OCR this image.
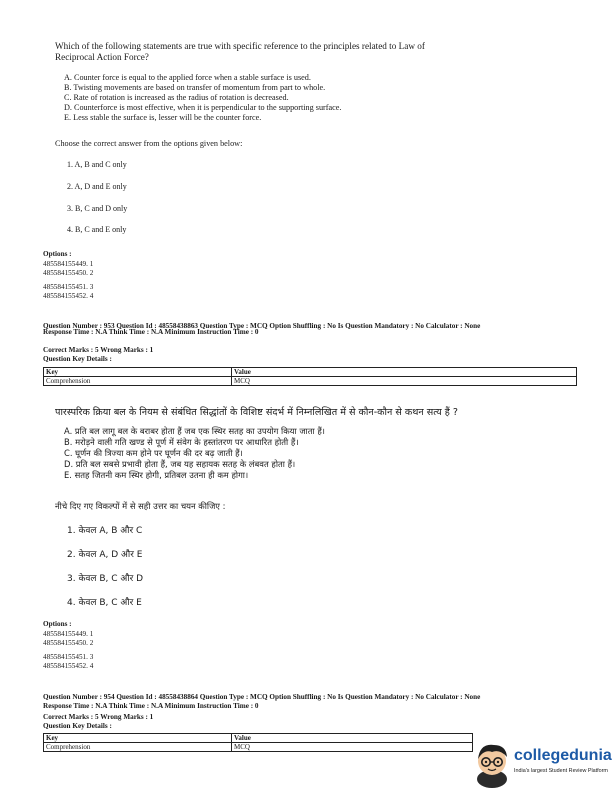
Which of the following statements are true with specific reference to the principles related to Law of
Reciprocal Action Force?
A. Counter force is equal to the applied force when a stable surface is used.
B. Twisting movements are based on transfer of momentum from part to whole.
C. Rate of rotation is increased as the radius of rotation is decreased.
D. Counterforce is most effective, when it is perpendicular to the supporting surface.
E. Less stable the surface is, lesser will be the counter force.
Choose the correct answer from the options given below:
1. A, B and C only
2. A, D and E only
3. B, C and D only
4. B, C and E only
Options :
485584155449. 1
485584155450. 2
485584155451. 3
485584155452. 4
Question Number : 953 Question Id : 48558438863 Question Type : MCQ Option Shuffling : No Is Question Mandatory : No Calculator : None
Response Time : N.A Think Time : N.A Minimum Instruction Time : 0
Correct Marks : 5 Wrong Marks : 1
Question Key Details :
Key	Value
Comprehension	MCQ
पारस्परिक क्रिया बल के नियम से संबंधित सिद्धांतों के विशिष्ट संदर्भ में निम्नलिखित में से कौन-कौन से कथन सत्य हैं ?
A. प्रति बल लागू बल के बराबर होता हैं जब एक स्थिर सतह का उपयोग किया जाता हैं।
B. मरोड़ने वाली गति खण्ड से पूर्ण में संवेग के हस्तांतरण पर आधारित होती हैं।
C. घूर्णन की त्रिज्या कम होने पर घूर्णन की दर बढ़ जाती हैं।
D. प्रति बल सबसे प्रभावी होता हैं, जब यह सहायक सतह के लंबवत होता हैं।
E. सतह जितनी कम स्थिर होगी, प्रतिबल उतना ही कम होगा।
नीचे दिए गए विकल्पों में से सही उत्तर का चयन कीजिए :
1. केवल A, B और C
2. केवल A, D और E
3. केवल B, C और D
4. केवल B, C और E
Options :
485584155449. 1
485584155450. 2
485584155451. 3
485584155452. 4
Question Number : 954 Question Id : 48558438864 Question Type : MCQ Option Shuffling : No Is Question Mandatory : No Calculator : None
Response Time : N.A Think Time : N.A Minimum Instruction Time : 0
Correct Marks : 5 Wrong Marks : 1
Question Key Details :
Key	Value
Comprehension	MCQ	collegedunia
India's largest Student Review Platform
